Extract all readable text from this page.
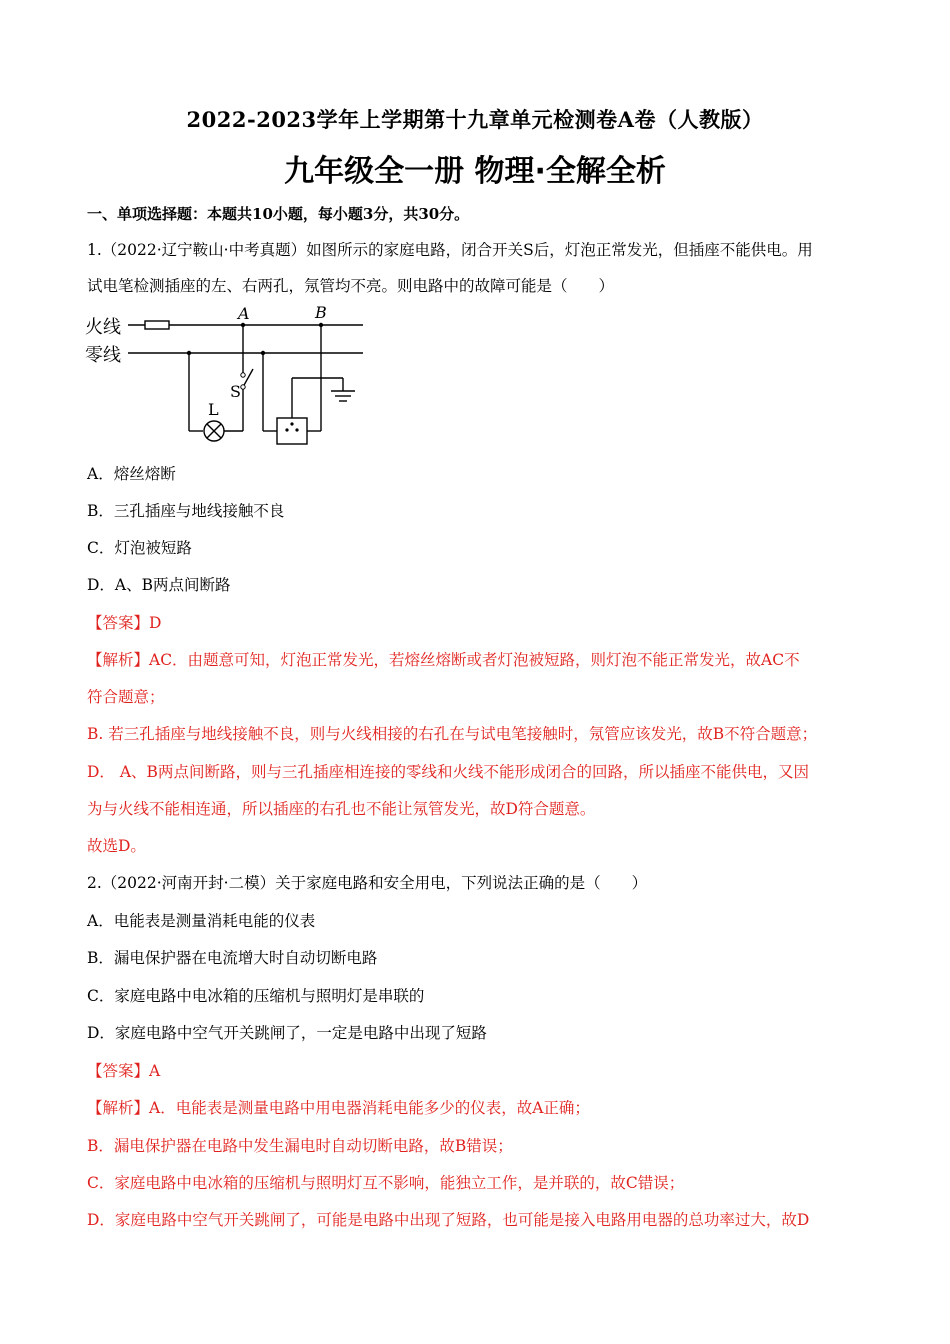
2022-2023学年上学期第十九章单元检测卷A卷（人教版）
九年级全一册 物理·全解全析
一、单项选择题：本题共10小题，每小题3分，共30分。
1.（2022·辽宁鞍山·中考真题）如图所示的家庭电路，闭合开关S后，灯泡正常发光，但插座不能供电。用
试电笔检测插座的左、右两孔，氖管均不亮。则电路中的故障可能是（　　）
火线
零线
A	B
S
L
A．熔丝熔断
B．三孔插座与地线接触不良
C．灯泡被短路
D．A、B两点间断路
【答案】D
【解析】AC．由题意可知，灯泡正常发光，若熔丝熔断或者灯泡被短路，则灯泡不能正常发光，故AC不
符合题意；
B. 若三孔插座与地线接触不良，则与火线相接的右孔在与试电笔接触时，氖管应该发光，故B不符合题意；
D． A、B两点间断路，则与三孔插座相连接的零线和火线不能形成闭合的回路，所以插座不能供电，又因
为与火线不能相连通，所以插座的右孔也不能让氖管发光，故D符合题意。
故选D。
2.（2022·河南开封·二模）关于家庭电路和安全用电，下列说法正确的是（　　）
A．电能表是测量消耗电能的仪表
B．漏电保护器在电流增大时自动切断电路
C．家庭电路中电冰箱的压缩机与照明灯是串联的
D．家庭电路中空气开关跳闸了，一定是电路中出现了短路
【答案】A
【解析】A．电能表是测量电路中用电器消耗电能多少的仪表，故A正确；
B．漏电保护器在电路中发生漏电时自动切断电路，故B错误；
C．家庭电路中电冰箱的压缩机与照明灯互不影响，能独立工作，是并联的，故C错误；
D．家庭电路中空气开关跳闸了，可能是电路中出现了短路，也可能是接入电路用电器的总功率过大，故D
